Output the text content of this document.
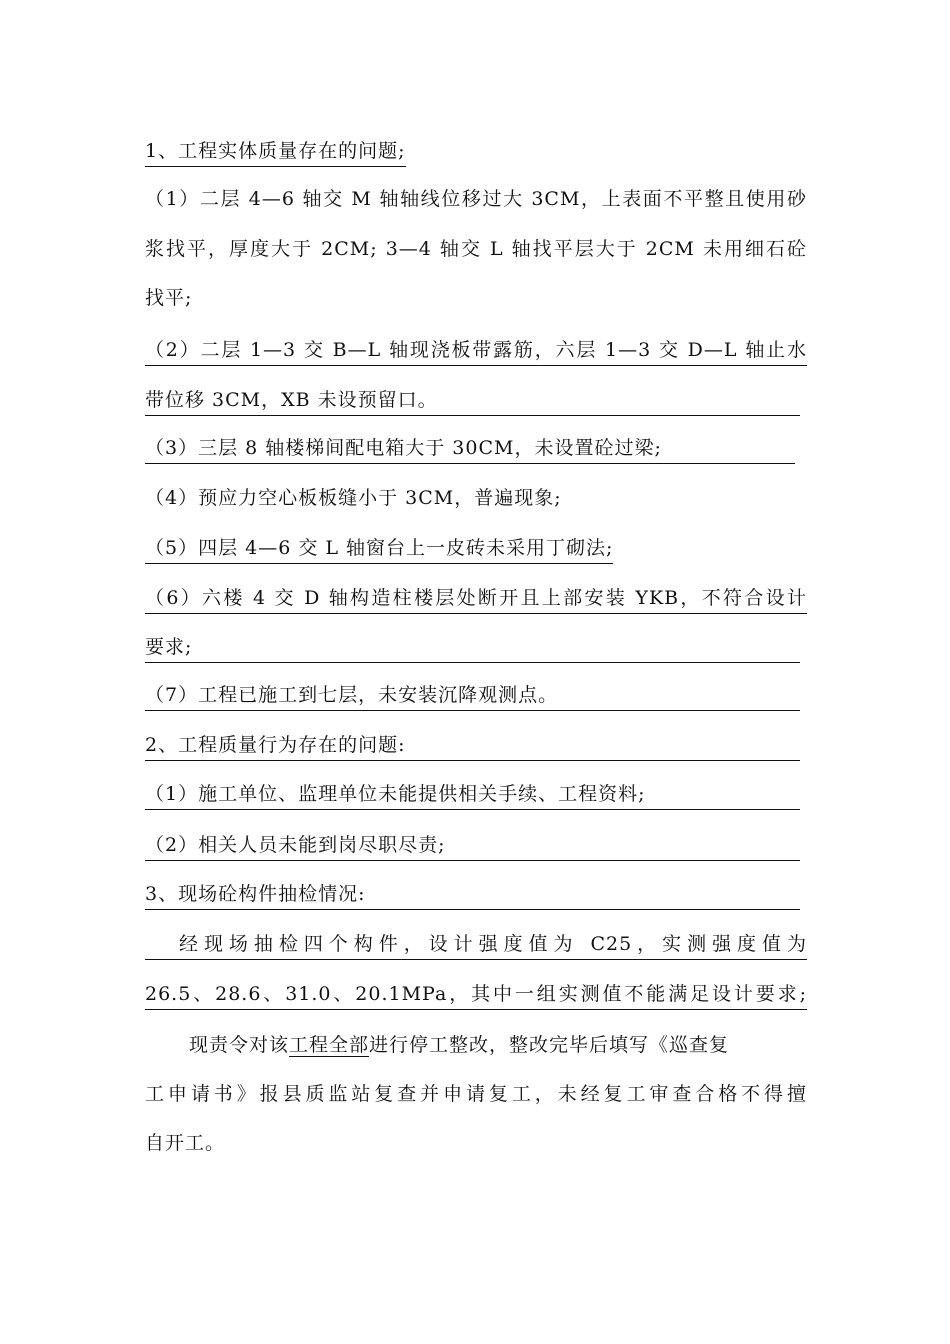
1、工程实体质量存在的问题;
（1）二层 4—6 轴交 M 轴轴线位移过大 3CM，上表面不平整且使用砂
浆找平，厚度大于 2CM; 3—4 轴交 L 轴找平层大于 2CM 未用细石砼
找平;
（2）二层 1—3 交 B—L 轴现浇板带露筋，六层 1—3 交 D—L 轴止水
带位移 3CM，XB 未设预留口。
（3）三层 8 轴楼梯间配电箱大于 30CM，未设置砼过梁;
（4）预应力空心板板缝小于 3CM，普遍现象;
（5）四层 4—6 交 L 轴窗台上一皮砖未采用丁砌法;
（6）六楼 4 交 D 轴构造柱楼层处断开且上部安装 YKB，不符合设计
要求;
（7）工程已施工到七层，未安装沉降观测点。
2、工程质量行为存在的问题:
（1）施工单位、监理单位未能提供相关手续、工程资料;
（2）相关人员未能到岗尽职尽责;
3、现场砼构件抽检情况:
经现场抽检四个构件，设计强度值为 C25，实测强度值为
26.5、28.6、31.0、20.1MPa，其中一组实测值不能满足设计要求;
现责令对该工程全部进行停工整改，整改完毕后填写《巡查复
工申请书》报县质监站复查并申请复工，未经复工审查合格不得擅
自开工。
